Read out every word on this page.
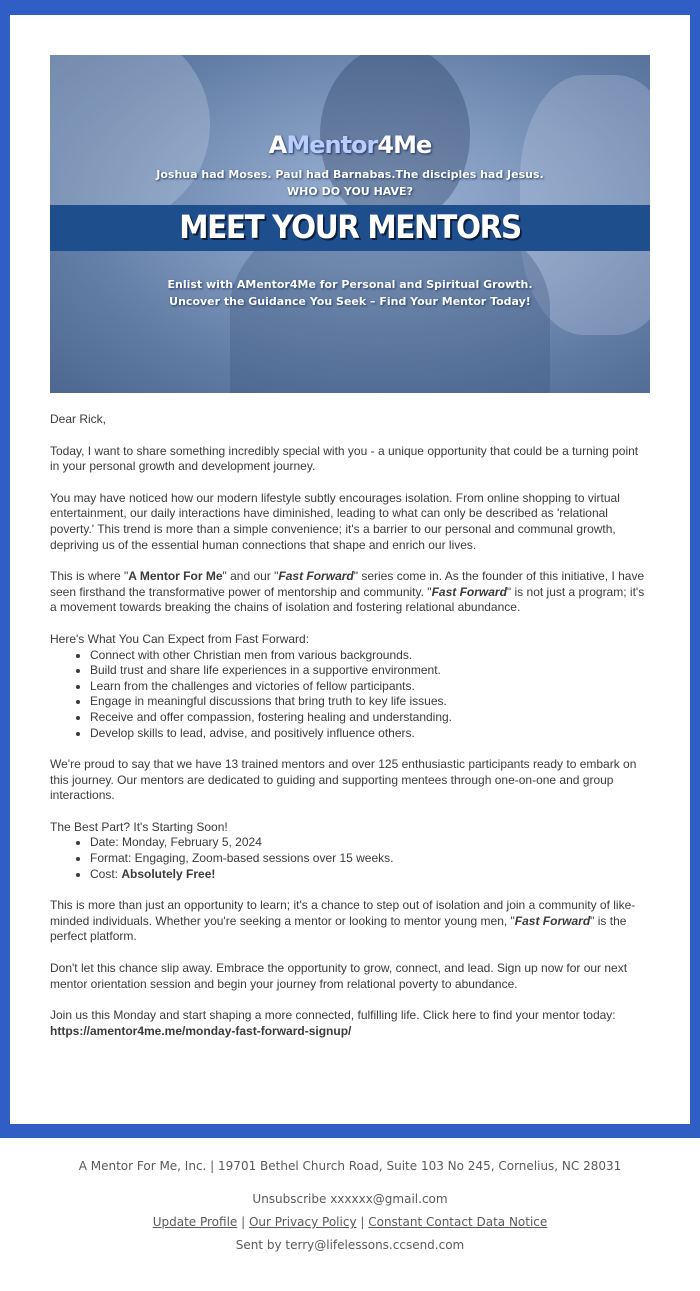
AMentor4Me
Joshua had Moses. Paul had Barnabas.The disciples had Jesus.
WHO DO YOU HAVE?
MEET YOUR MENTORS
Enlist with AMentor4Me for Personal and Spiritual Growth.
Uncover the Guidance You Seek – Find Your Mentor Today!

Dear Rick,

Today, I want to share something incredibly special with you - a unique opportunity that could be a turning point in your personal growth and development journey.

You may have noticed how our modern lifestyle subtly encourages isolation. From online shopping to virtual entertainment, our daily interactions have diminished, leading to what can only be described as 'relational poverty.' This trend is more than a simple convenience; it's a barrier to our personal and communal growth, depriving us of the essential human connections that shape and enrich our lives.

This is where "A Mentor For Me" and our "Fast Forward" series come in. As the founder of this initiative, I have seen firsthand the transformative power of mentorship and community. "Fast Forward" is not just a program; it's a movement towards breaking the chains of isolation and fostering relational abundance.

Here's What You Can Expect from Fast Forward:
• Connect with other Christian men from various backgrounds.
• Build trust and share life experiences in a supportive environment.
• Learn from the challenges and victories of fellow participants.
• Engage in meaningful discussions that bring truth to key life issues.
• Receive and offer compassion, fostering healing and understanding.
• Develop skills to lead, advise, and positively influence others.

We're proud to say that we have 13 trained mentors and over 125 enthusiastic participants ready to embark on this journey. Our mentors are dedicated to guiding and supporting mentees through one-on-one and group interactions.

The Best Part? It's Starting Soon!
• Date: Monday, February 5, 2024
• Format: Engaging, Zoom-based sessions over 15 weeks.
• Cost: Absolutely Free!

This is more than just an opportunity to learn; it's a chance to step out of isolation and join a community of like-minded individuals. Whether you're seeking a mentor or looking to mentor young men, "Fast Forward" is the perfect platform.

Don't let this chance slip away. Embrace the opportunity to grow, connect, and lead. Sign up now for our next mentor orientation session and begin your journey from relational poverty to abundance.

Join us this Monday and start shaping a more connected, fulfilling life. Click here to find your mentor today: https://amentor4me.me/monday-fast-forward-signup/

A Mentor For Me, Inc. | 19701 Bethel Church Road, Suite 103 No 245, Cornelius, NC 28031
Unsubscribe xxxxxx@gmail.com
Update Profile | Our Privacy Policy | Constant Contact Data Notice
Sent by terry@lifelessons.ccsend.com
